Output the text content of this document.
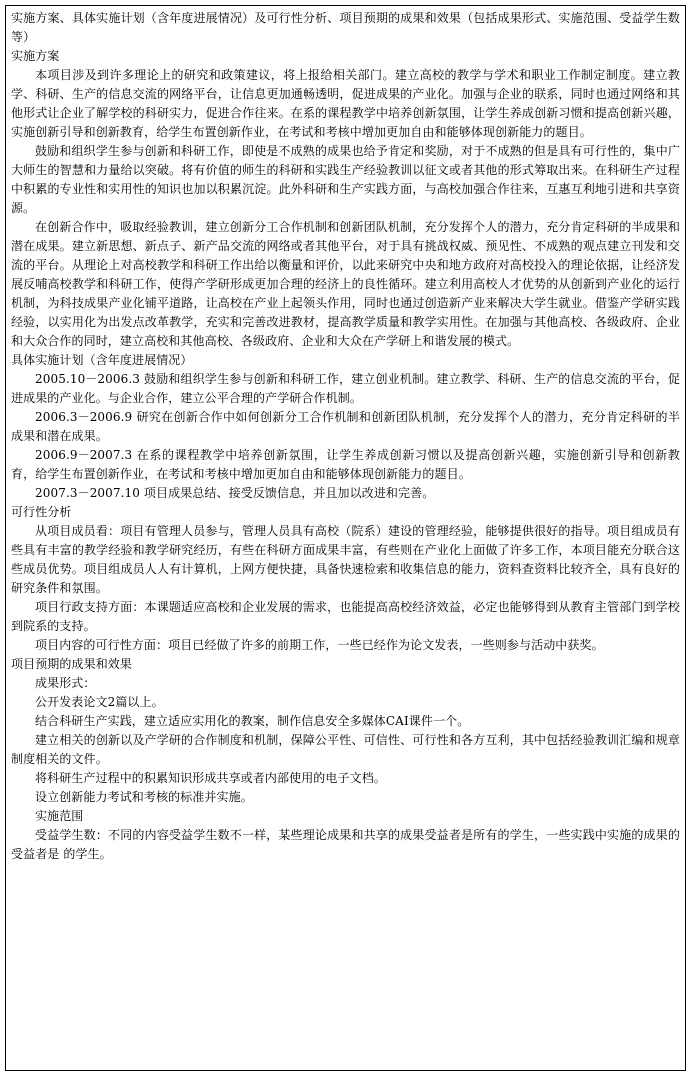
实施方案、具体实施计划（含年度进展情况）及可行性分析、项目预期的成果和效果（包括成果形式、实施范围、受益学生数等）

实施方案

本项目涉及到许多理论上的研究和政策建议，将上报给相关部门。建立高校的教学与学术和职业工作制定制度。建立教学、科研、生产的信息交流的网络平台，让信息更加通畅透明，促进成果的产业化。加强与企业的联系，同时也通过网络和其他形式让企业了解学校的科研实力，促进合作往来。在系的课程教学中培养创新氛围，让学生养成创新习惯和提高创新兴趣，实施创新引导和创新教育，给学生布置创新作业，在考试和考核中增加更加自由和能够体现创新能力的题目。

鼓励和组织学生参与创新和科研工作，即使是不成熟的成果也给予肯定和奖励，对于不成熟的但是具有可行性的，集中广大师生的智慧和力量给以突破。将有价值的师生的科研和实践生产经验教训以征文或者其他的形式筹取出来。在科研生产过程中积累的专业性和实用性的知识也加以积累沉淀。此外科研和生产实践方面，与高校加强合作往来，互惠互利地引进和共享资源。

在创新合作中，吸取经验教训，建立创新分工合作机制和创新团队机制，充分发挥个人的潜力，充分肯定科研的半成果和潜在成果。建立新思想、新点子、新产品交流的网络或者其他平台，对于具有挑战权威、预见性、不成熟的观点建立刊发和交流的平台。从理论上对高校教学和科研工作出给以衡量和评价，以此来研究中央和地方政府对高校投入的理论依据，让经济发展反哺高校教学和科研工作，使得产学研形成更加合理的经济上的良性循环。建立利用高校人才优势的从创新到产业化的运行机制，为科技成果产业化铺平道路，让高校在产业上起领头作用，同时也通过创造新产业来解决大学生就业。借鉴产学研实践经验，以实用化为出发点改革教学，充实和完善改进教材，提高教学质量和教学实用性。在加强与其他高校、各级政府、企业和大众合作的同时，建立高校和其他高校、各级政府、企业和大众在产学研上和谐发展的模式。

具体实施计划（含年度进展情况）

2005.10－2006.3 鼓励和组织学生参与创新和科研工作，建立创业机制。建立教学、科研、生产的信息交流的平台，促进成果的产业化。与企业合作，建立公平合理的产学研合作机制。

2006.3－2006.9 研究在创新合作中如何创新分工合作机制和创新团队机制，充分发挥个人的潜力，充分肯定科研的半成果和潜在成果。

2006.9－2007.3 在系的课程教学中培养创新氛围，让学生养成创新习惯以及提高创新兴趣，实施创新引导和创新教育，给学生布置创新作业，在考试和考核中增加更加自由和能够体现创新能力的题目。

2007.3－2007.10 项目成果总结、接受反馈信息，并且加以改进和完善。

可行性分析

从项目成员看：项目有管理人员参与，管理人员具有高校（院系）建设的管理经验，能够提供很好的指导。项目组成员有些具有丰富的教学经验和教学研究经历，有些在科研方面成果丰富，有些则在产业化上面做了许多工作，本项目能充分联合这些成员优势。项目组成员人人有计算机，上网方便快捷，具备快速检索和收集信息的能力，资料查资料比较齐全，具有良好的研究条件和氛围。

项目行政支持方面：本课题适应高校和企业发展的需求，也能提高高校经济效益，必定也能够得到从教育主管部门到学校到院系的支持。

项目内容的可行性方面：项目已经做了许多的前期工作，一些已经作为论文发表，一些则参与活动中获奖。

项目预期的成果和效果

成果形式：

公开发表论文2篇以上。

结合科研生产实践，建立适应实用化的教案，制作信息安全多媒体CAI课件一个。

建立相关的创新以及产学研的合作制度和机制，保障公平性、可信性、可行性和各方互利，其中包括经验教训汇编和规章制度相关的文件。

将科研生产过程中的积累知识形成共享或者内部使用的电子文档。

设立创新能力考试和考核的标准并实施。

实施范围

受益学生数：不同的内容受益学生数不一样，某些理论成果和共享的成果受益者是所有的学生，一些实践中实施的成果的受益者是 的学生。
